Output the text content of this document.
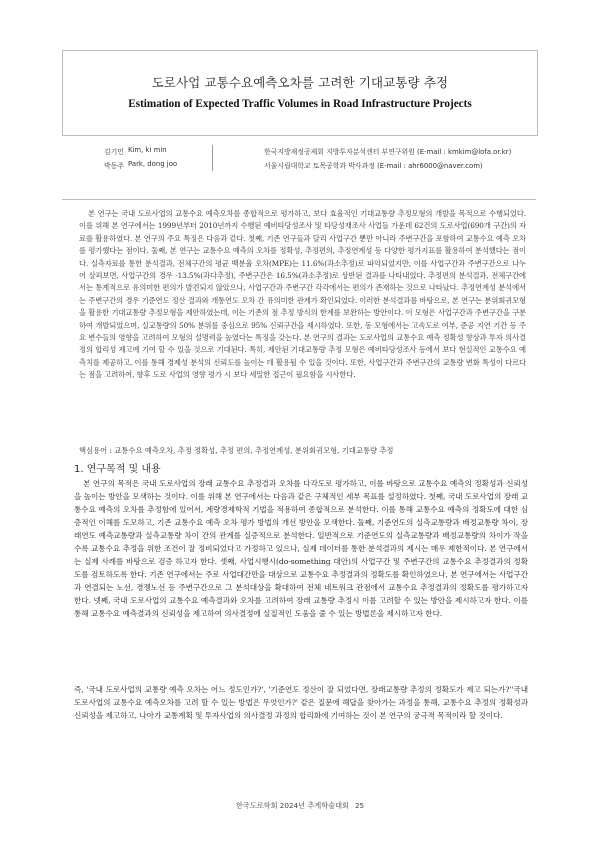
도로사업 교통수요예측오차를 고려한 기대교통량 추정
Estimation of Expected Traffic Volumes in Road Infrastructure Projects
김기민 Kim, ki min	한국지방재정공제회 지방투자분석센터 부연구위원 (E-mail : kmkim@lofa.or.kr)
박동주 Park, dong joo	서울시립대학교 토목공학과 박사과정 (E-mail : ahr6000@naver.com)

본 연구는 국내 도로사업의 교통수요 예측오차를 종합적으로 평가하고, 보다 효율적인 기대교통량 추정모형의 개발을 목적으로 수행되었다. 이를 위해 본 연구에서는 1999년부터 2010년까지 수행된 예비타당성조사 및 타당성재조사 사업들 가운데 62건의 도로사업(690개 구간)의 자료를 활용하였다. 본 연구의 주요 특징은 다음과 같다. 첫째, 기존 연구들과 달리 사업구간 뿐만 아니라 주변구간을 포함하여 교통수요 예측 오차를 평가했다는 점이다. 둘째, 본 연구는 교통수요 예측의 오차를 정확성, 추정편의, 추정연계성 등 다양한 평가지표를 활용하여 분석했다는 점이다. 실측자료를 통한 분석결과, 전체구간의 평균 백분율 오차(MPE)는 11.6%(과소추정)로 파악되었지만, 이를 사업구간과 주변구간으로 나누어 살펴보면, 사업구간의 경우 -13.5%(과다추정), 주변구간은 16.5%(과소추정)로 상반된 결과를 나타내었다. 추정편의 분석결과, 전체구간에서는 통계적으로 유의미한 편의가 발견되지 않았으나, 사업구간과 주변구간 각각에서는 편의가 존재하는 것으로 나타났다. 추정연계성 분석에서는 주변구간의 경우 기준연도 정산 결과와 개통연도 오차 간 유의미한 관계가 확인되었다. 이러한 분석결과를 바탕으로, 본 연구는 분위회귀모형을 활용한 기대교통량 추정모형을 제안하였는데, 이는 기존의 점 추정 방식의 한계를 보완하는 방안이다. 이 모형은 사업구간과 주변구간을 구분하여 개발되었으며, 실교통량의 50% 분위를 중심으로 95% 신뢰구간을 제시하였다. 또한, 동 모형에서는 고속도로 여부, 준공 지연 기간 등 주요 변수들의 영향을 고려하여 모형의 설명력을 높였다는 특징을 갖는다. 본 연구의 결과는 도로사업의 교통수요 예측 정확성 향상과 투자 의사결정의 합리성 제고에 기여 할 수 있을 것으로 기대된다. 특히, 제안된 기대교통량 추정 모형은 예비타당성조사 등에서 보다 현실적인 교통수요 예측치를 제공하고, 이를 통해 경제성 분석의 신뢰도를 높이는 데 활용될 수 있을 것이다. 또한, 사업구간과 주변구간의 교통량 변화 특성이 다르다는 점을 고려하여, 향후 도로 사업의 영향 평가 시 보다 세밀한 접근이 필요함을 시사한다.

핵심용어 : 교통수요 예측오차, 추정 정확성, 추정 편의, 추정연계성, 분위회귀모형, 기대교통량 추정
1. 연구목적 및 내용

본 연구의 목적은 국내 도로사업의 장래 교통수요 추정결과 오차를 다각도로 평가하고, 이를 바탕으로 교통수요 예측의 정확성과 신뢰성을 높이는 방안을 모색하는 것이다. 이를 위해 본 연구에서는 다음과 같은 구체적인 세부 목표를 설정하였다. 첫째, 국내 도로사업의 장래 교통수요 예측의 오차를 추정함에 있어서, 계량경제학적 기법을 적용하여 종합적으로 분석한다. 이를 통해 교통수요 예측의 정확도에 대한 심층적인 이해를 도모하고, 기존 교통수요 예측 오차 평가 방법의 개선 방안을 모색한다. 둘째, 기준연도의 실측교통량과 배정교통량 차이, 장래연도 예측교통량과 실측교통량 차이 간의 관계를 실증적으로 분석한다. 일반적으로 기준연도의 실측교통량과 배정교통량의 차이가 작을수록 교통수요 추정을 위한 조건이 잘 정비되었다고 가정하고 있으나, 실제 데이터를 통한 분석결과의 제시는 매우 제한적이다. 본 연구에서는 실제 사례를 바탕으로 검증 하고자 한다. 셋째, 사업시행시(do-something 대안)의 사업구간 및 주변구간의 교통수요 추정결과의 정확도를 검토하도록 한다. 기존 연구에서는 주로 사업대간만을 대상으로 교통수요 추정결과의 정확도를 확인하였으나, 본 연구에서는 사업구간과 연결되는 노선, 경쟁노선 등 주변구간으로 그 분석대상을 확대하여 전체 네트워크 관점에서 교통수요 추정결과의 정확도를 평가하고자 한다. 넷째, 국내 도로사업의 교통수요 예측결과와 오차를 고려하여 장래 교통량 추정시 이를 고려할 수 있는 방안을 제시하고자 한다. 이를 통해 교통수요 예측결과의 신뢰성을 제고하여 의사결정에 실질적인 도움을 줄 수 있는 방법론을 제시하고자 한다.

즉, '국내 도로사업의 교통량 예측 오차는 어느 정도인가?', '기준연도 정산이 잘 되었다면, 장래교통량 추정의 정확도가 제고 되는가?''국내 도로사업의 교통수요 예측오차를 고려 할 수 있는 방법은 무엇인가?' 같은 질문에 해답을 찾아가는 과정을 통해, 교통수요 추정의 정확성과 신뢰성을 제고하고, 나아가 교통계획 및 투자사업의 의사결정 과정의 합리화에 기여하는 것이 본 연구의 궁극적 목적이라 할 것이다.

한국도로학회 2024년 추계학술대회 25
